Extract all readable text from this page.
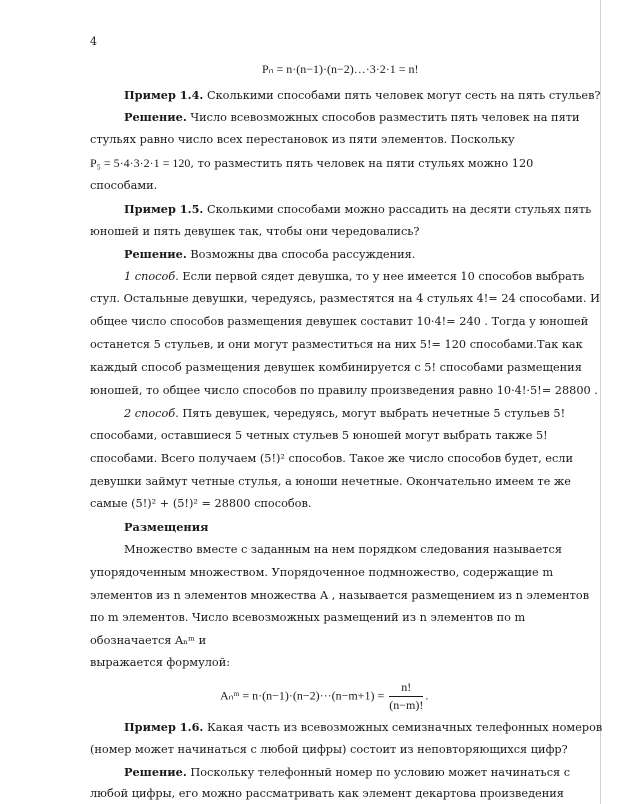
4
Pₙ = n·(n−1)·(n−2)…·3·2·1 = n!
Пример 1.4. Сколькими способами пять человек могут сесть на пять стульев?
Решение. Число всевозможных способов разместить пять человек на пяти
стульях равно число всех перестановок из пяти элементов. Поскольку
P₅ = 5·4·3·2·1 = 120, то разместить пять человек на пяти стульях можно 120
способами.
Пример 1.5. Сколькими способами можно рассадить на десяти стульях пять
юношей и пять девушек так, чтобы они чередовались?
Решение. Возможны два способа рассуждения.
1 способ. Если первой сядет девушка, то у нее имеется 10 способов выбрать
стул. Остальные девушки, чередуясь, разместятся на 4 стульях 4!= 24 способами. И
общее число способов размещения девушек составит 10·4!= 240 . Тогда у юношей
останется 5 стульев, и они могут разместиться на них 5!= 120 способами.Так как
каждый способ размещения девушек комбинируется с 5! способами размещения
юношей, то общее число способов по правилу произведения равно 10·4!·5!= 28800 .
2 способ. Пять девушек, чередуясь, могут выбрать нечетные 5 стульев 5!
способами, оставшиеся 5 четных стульев 5 юношей могут выбрать также 5!
способами. Всего получаем (5!)² способов. Такое же число способов будет, если
девушки займут четные стулья, а юноши нечетные. Окончательно имеем те же
самые (5!)² + (5!)² = 28800 способов.
Размещения
Множество вместе с заданным на нем порядком следования называется
упорядоченным множеством. Упорядоченное подмножество, содержащие m
элементов из n элементов множества A , называется размещением из n элементов
по m элементов. Число всевозможных размещений из n элементов по m
обозначается Aₙᵐ и
выражается формулой:
Aₙᵐ = $n\cdot(n-1)\cdot(n-2)\cdot\cdot\cdot(n-m+1) = \frac{n!}{(n-m)!}$ .
Пример 1.6. Какая часть из всевозможных семизначных телефонных номеров
(номер может начинаться с любой цифры) состоит из неповторяющихся цифр?
Решение. Поскольку телефонный номер по условию может начинаться с
любой цифры, его можно рассматривать как элемент декартова произведения
